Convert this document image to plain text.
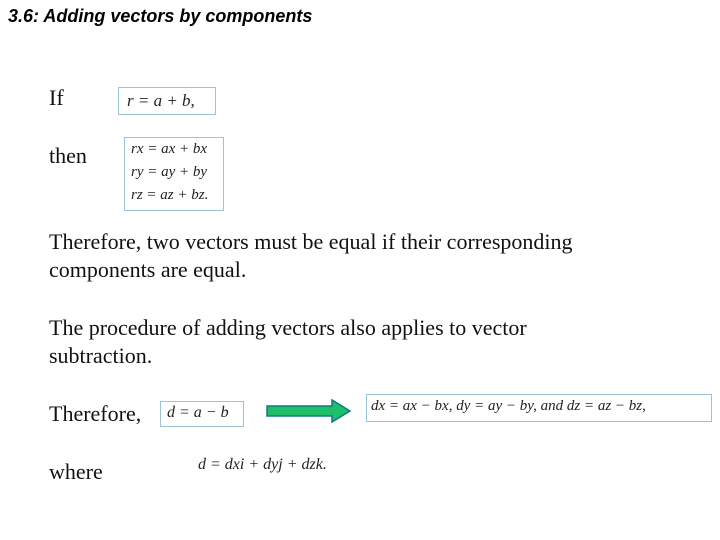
3.6: Adding vectors by components
If	r = a + b,
then	rx = ax + bx
ry = ay + by
rz = az + bz.
Therefore, two vectors must be equal if their corresponding
components are equal.
The procedure of adding vectors also applies to vector
subtraction.
Therefore, d = a − b	dx = ax − bx, dy = ay − by, and dz = az − bz,
where	d = dxi + dyj + dzk.
